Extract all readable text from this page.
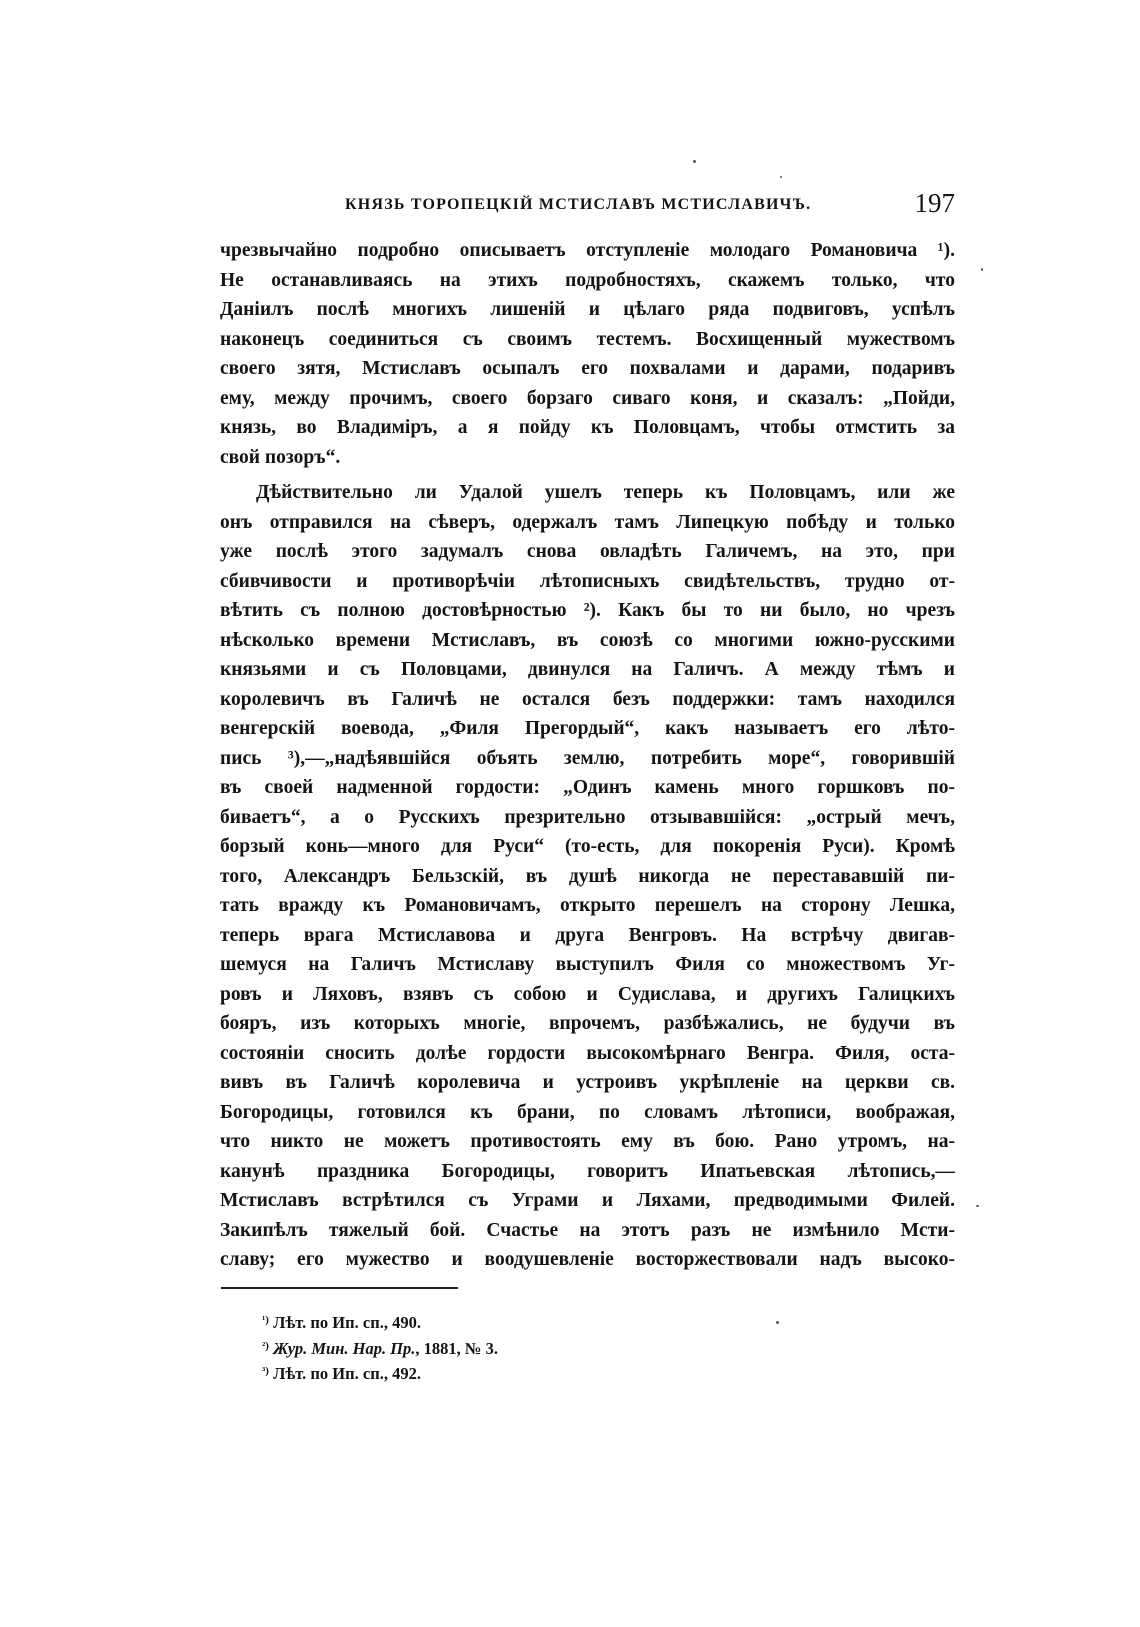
КНЯЗЬ ТОРОПЕЦКІЙ МСТИСЛАВЪ МСТИСЛАВИЧЪ.	197
чрезвычайно подробно описываетъ отступленіе молодаго Романовича ¹).
Не останавливаясь на этихъ подробностяхъ, скажемъ только, что
Даніилъ послѣ многихъ лишеній и цѣлаго ряда подвиговъ, успѣлъ
наконецъ соединиться съ своимъ тестемъ. Восхищенный мужествомъ
своего зятя, Мстиславъ осыпалъ его похвалами и дарами, подаривъ
ему, между прочимъ, своего борзаго сиваго коня, и сказалъ: „Пойди,
князь, во Владиміръ, а я пойду къ Половцамъ, чтобы отмстить за
свой позоръ“.
Дѣйствительно ли Удалой ушелъ теперь къ Половцамъ, или же
онъ отправился на сѣверъ, одержалъ тамъ Липецкую побѣду и только
уже послѣ этого задумалъ снова овладѣть Галичемъ, на это, при
сбивчивости и противорѣчіи лѣтописныхъ свидѣтельствъ, трудно от-
вѣтить съ полною достовѣрностью ²). Какъ бы то ни было, но чрезъ
нѣсколько времени Мстиславъ, въ союзѣ со многими южно-русскими
князьями и съ Половцами, двинулся на Галичъ. А между тѣмъ и
королевичъ въ Галичѣ не остался безъ поддержки: тамъ находился
венгерскій воевода, „Филя Прегордый“, какъ называетъ его лѣто-
пись ³),—„надѣявшійся объять землю, потребить море“, говорившій
въ своей надменной гордости: „Одинъ камень много горшковъ по-
биваетъ“, а о Русскихъ презрительно отзывавшійся: „острый мечъ,
борзый конь—много для Руси“ (то-есть, для покоренія Руси). Кромѣ
того, Александръ Бельзскій, въ душѣ никогда не перестававшій пи-
тать вражду къ Романовичамъ, открыто перешелъ на сторону Лешка,
теперь врага Мстиславова и друга Венгровъ. На встрѣчу двигав-
шемуся на Галичъ Мстиславу выступилъ Филя со множествомъ Уг-
ровъ и Ляховъ, взявъ съ собою и Судислава, и другихъ Галицкихъ
бояръ, изъ которыхъ многіе, впрочемъ, разбѣжались, не будучи въ
состояніи сносить долѣе гордости высокомѣрнаго Венгра. Филя, оста-
вивъ въ Галичѣ королевича и устроивъ укрѣпленіе на церкви св.
Богородицы, готовился къ брани, по словамъ лѣтописи, воображая,
что никто не можетъ противостоять ему въ бою. Рано утромъ, на-
канунѣ праздника Богородицы, говоритъ Ипатьевская лѣтопись,—
Мстиславъ встрѣтился съ Уграми и Ляхами, предводимыми Филей.
Закипѣлъ тяжелый бой. Счастье на этотъ разъ не измѣнило Мсти-
славу; его мужество и воодушевленіе восторжествовали надъ высоко-
$^{^1)}$ Лѣт. по Ип. сп., 490.
$^{^2)}$ Жур. Мин. Нар. Пр., 1881, № 3.
$^{^3)}$ Лѣт. по Ип. сп., 492.
